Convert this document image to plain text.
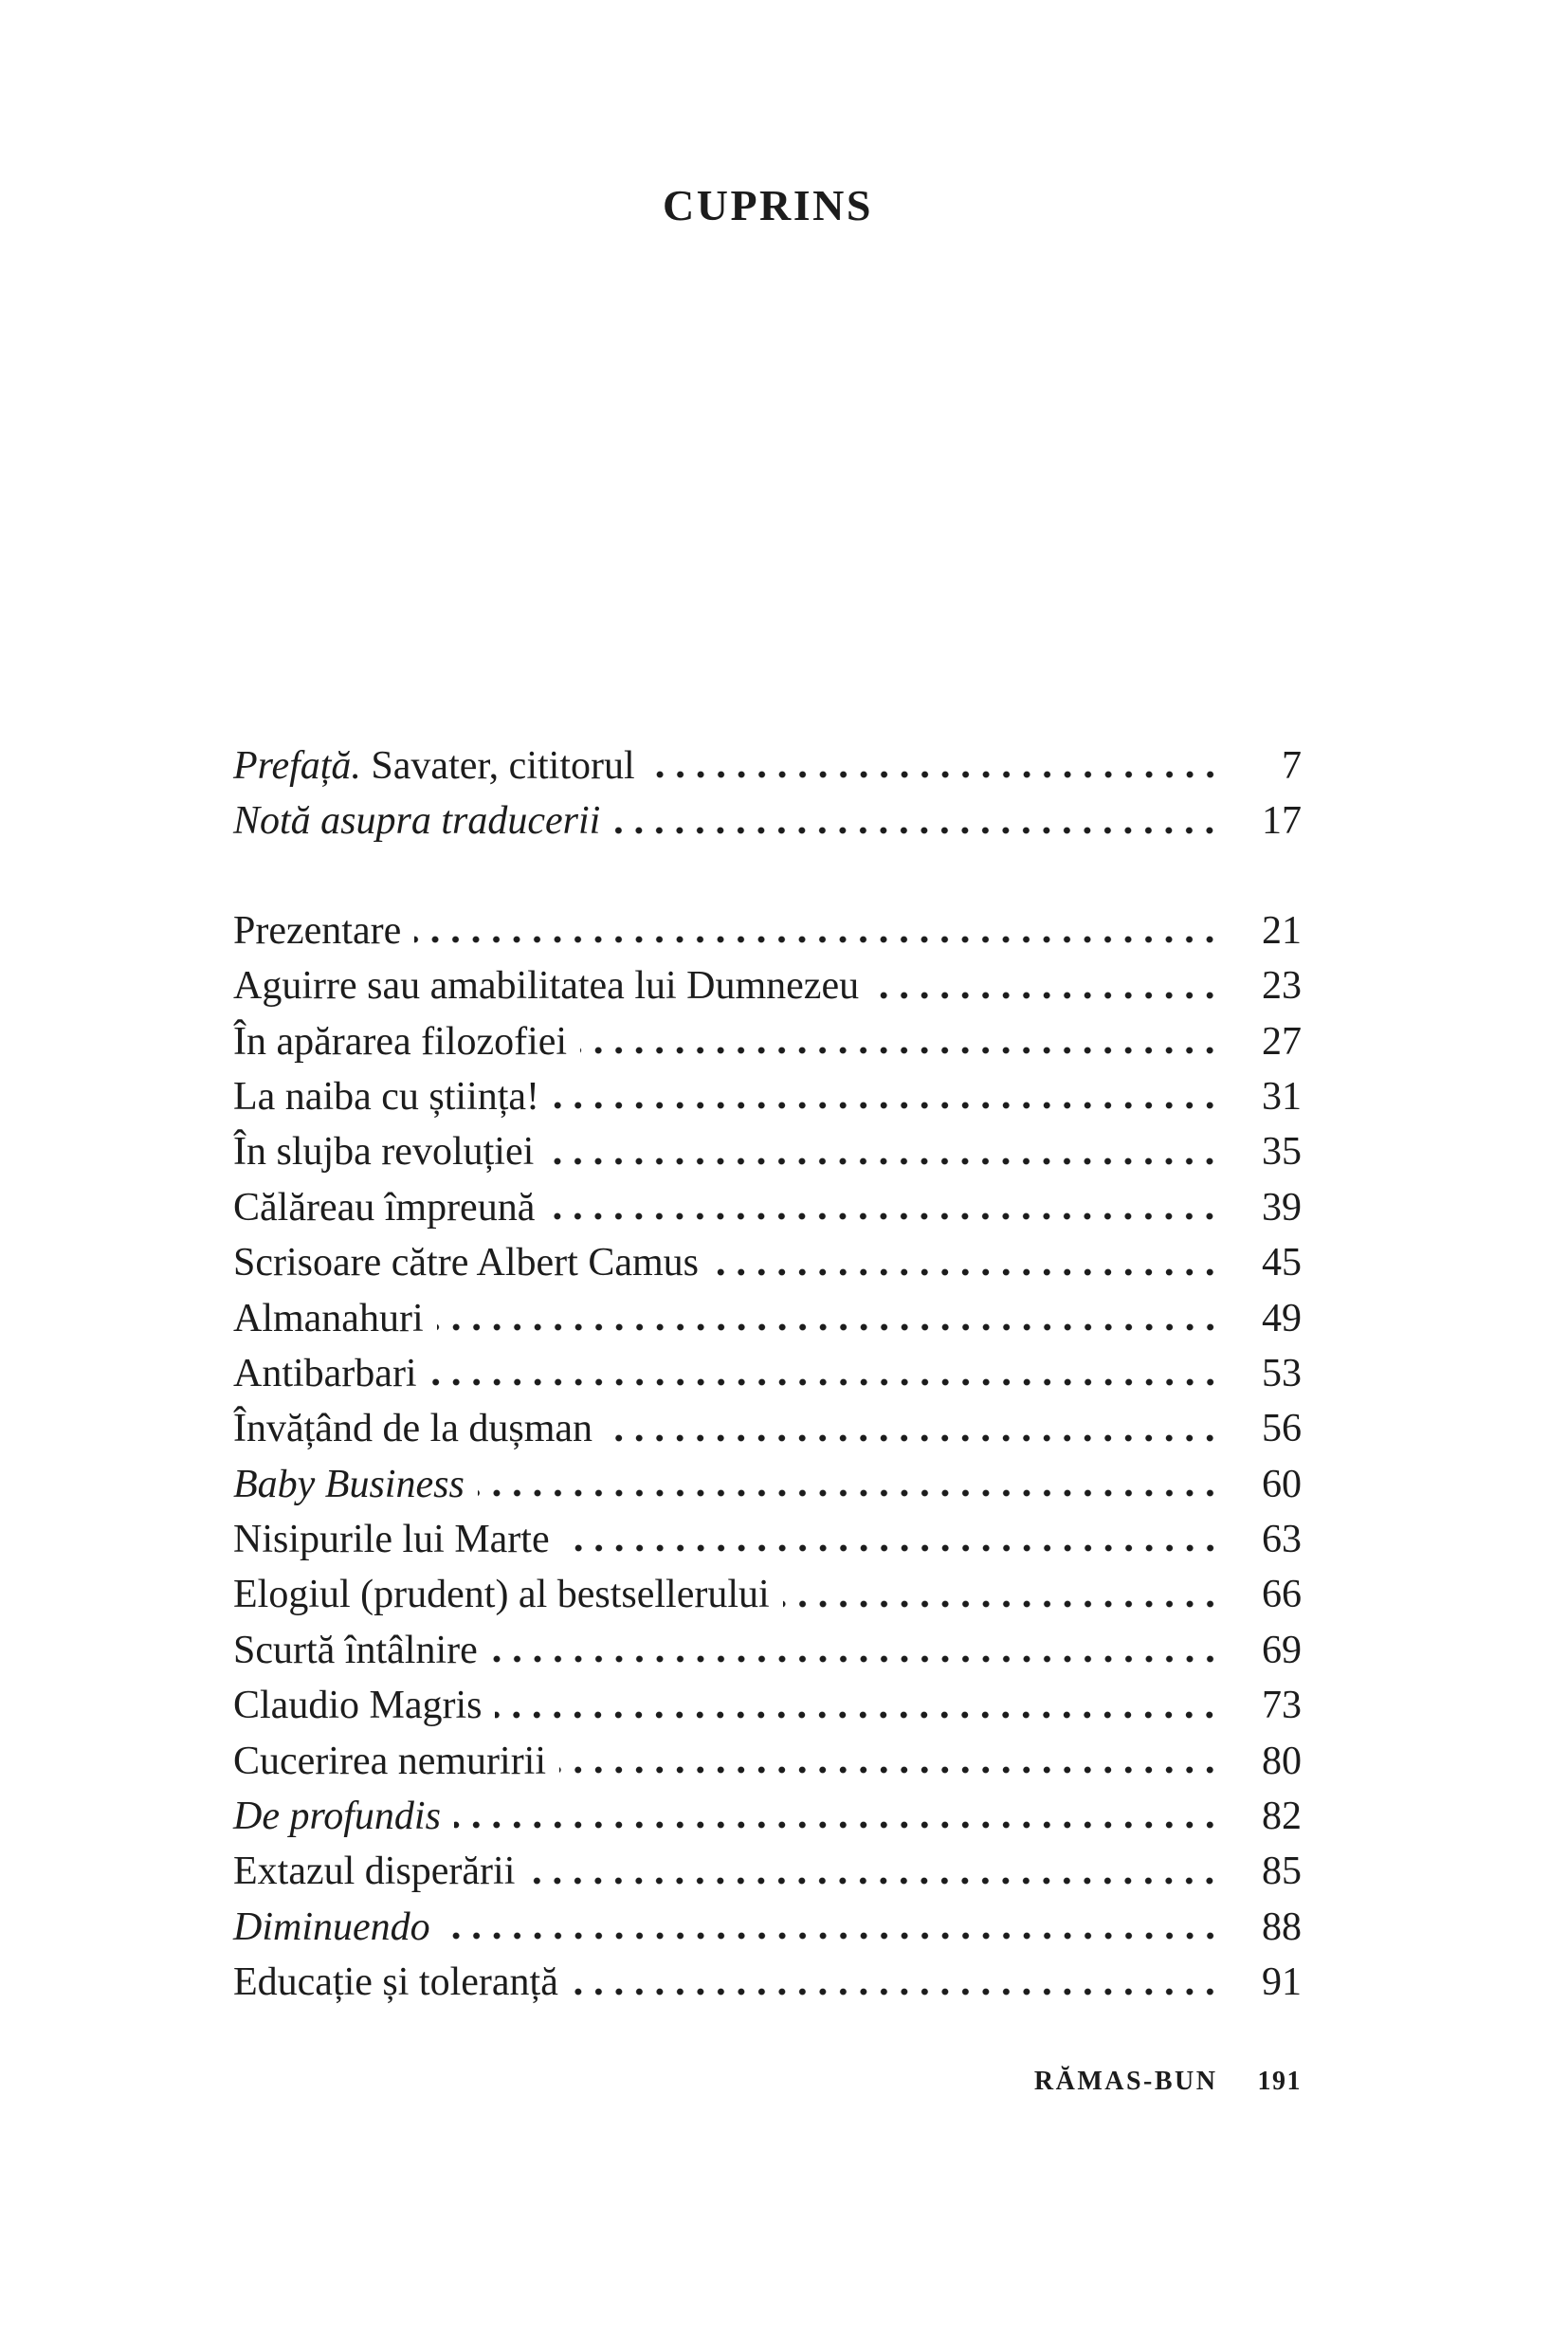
CUPRINS
Prefață. Savater, cititorul	7
Notă asupra traducerii	17
Prezentare	21
Aguirre sau amabilitatea lui Dumnezeu	23
În apărarea filozofiei	27
La naiba cu știința!	31
În slujba revoluției	35
Călăreau împreună	39
Scrisoare către Albert Camus	45
Almanahuri	49
Antibarbari	53
Învățând de la dușman	56
Baby Business	60
Nisipurile lui Marte	63
Elogiul (prudent) al bestsellerului	66
Scurtă întâlnire	69
Claudio Magris	73
Cucerirea nemuririi	80
De profundis	82
Extazul disperării	85
Diminuendo	88
Educație și toleranță	91
RĂMAS-BUN 191
